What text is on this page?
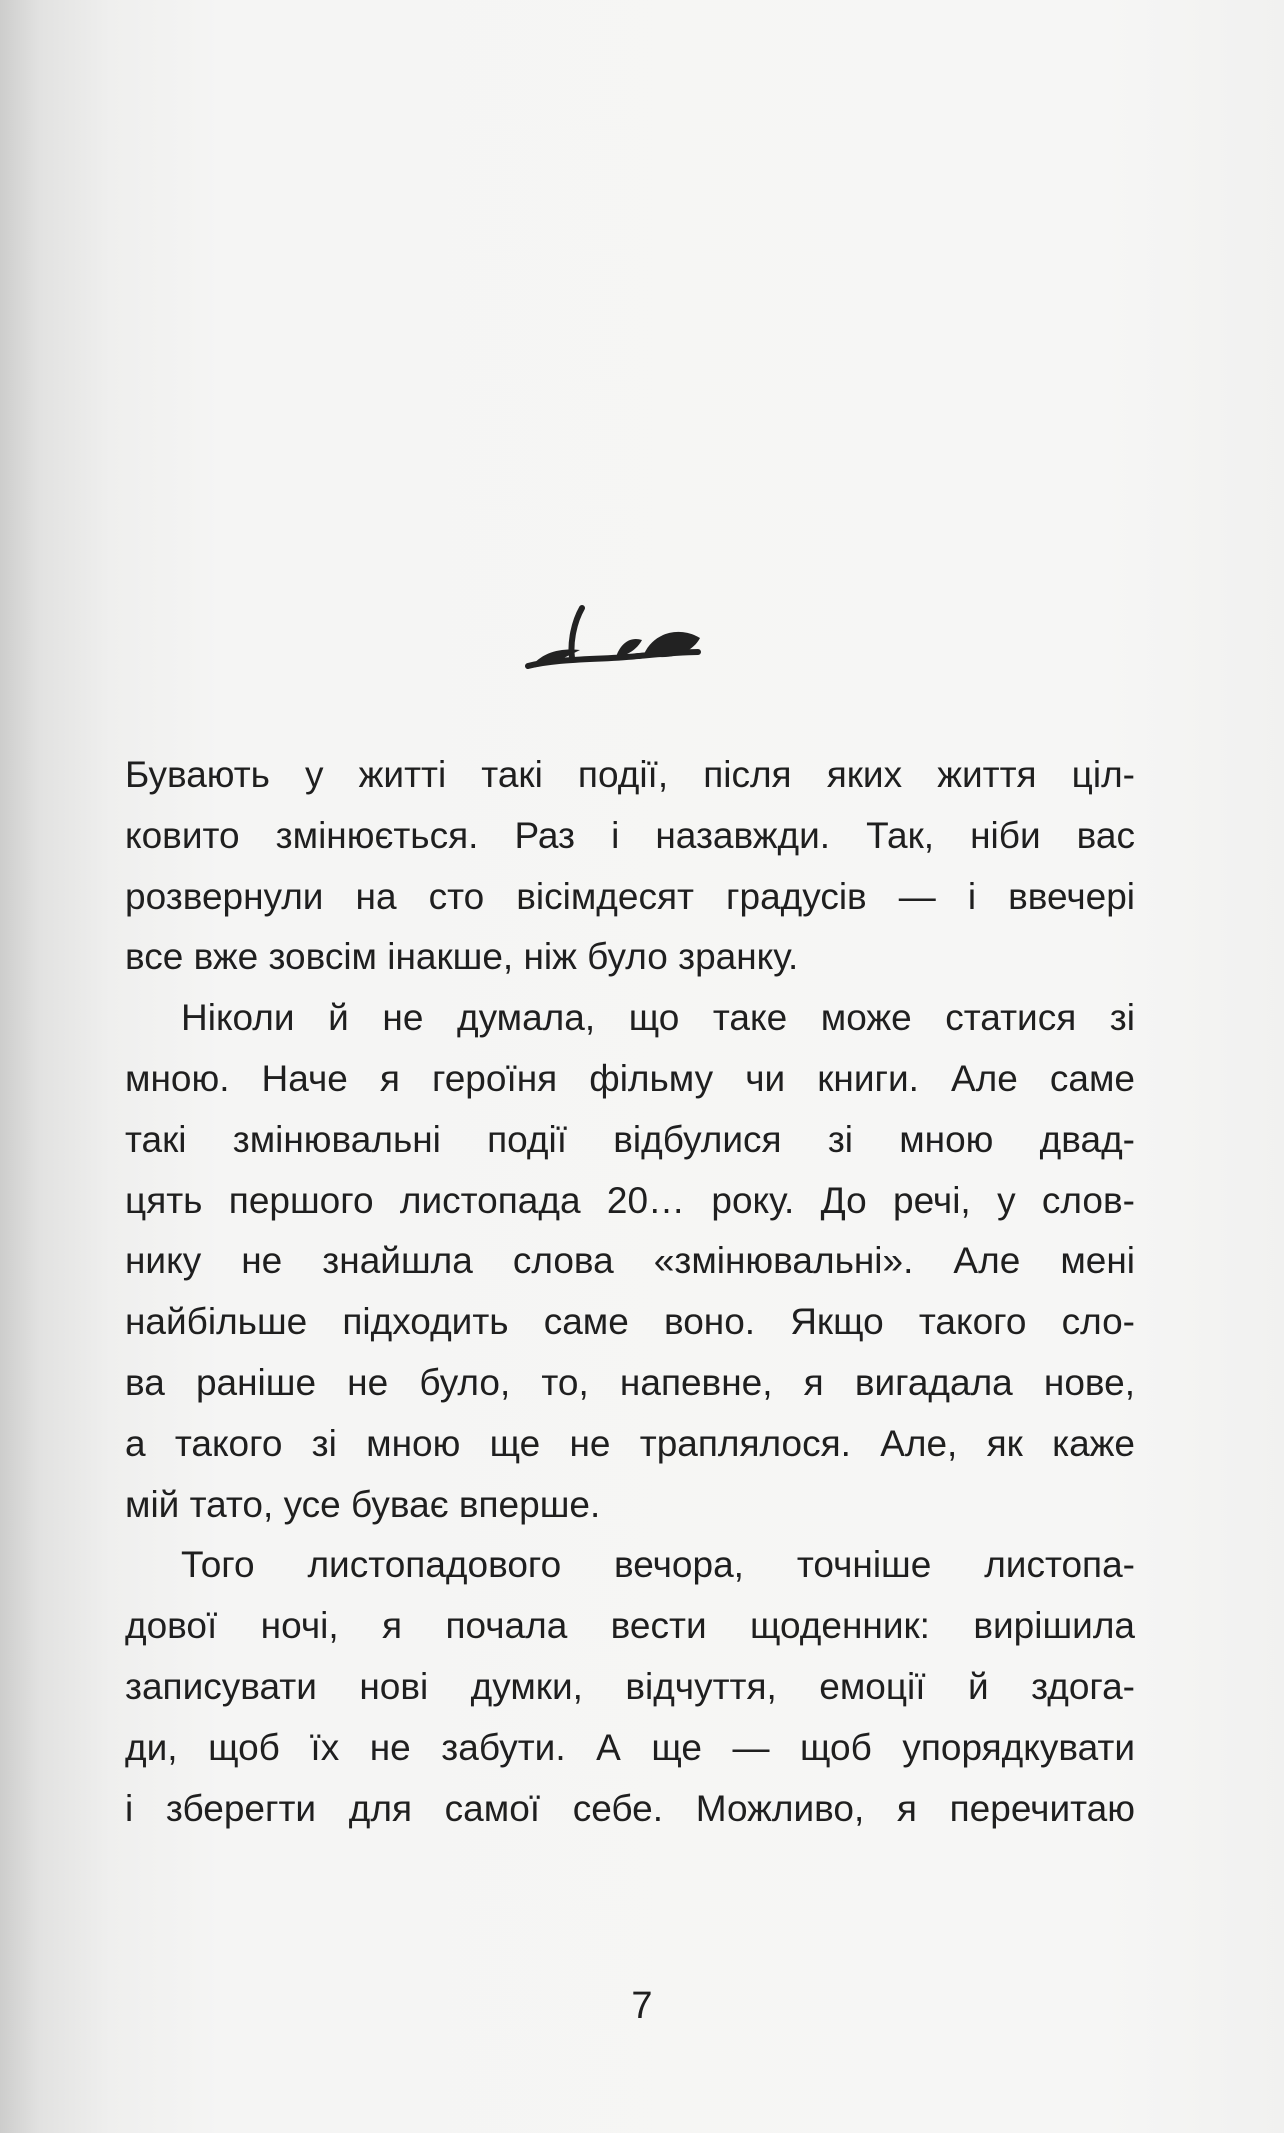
Бувають у житті такі події, після яких життя цiл-
ковито змінюється. Раз і назавжди. Так, ніби вас
розвернули на сто вісімдесят градусів — і ввечері
все вже зовсім інакше, ніж було зранку.
Ніколи й не думала, що таке може статися зі
мною. Наче я героїня фільму чи книги. Але саме
такі змінювальні події відбулися зі мною двад-
цять першого листопада 20… року. До речі, у слов-
нику не знайшла слова «змінювальні». Але мені
найбільше підходить саме воно. Якщо такого сло-
ва раніше не було, то, напевне, я вигадала нове,
а такого зі мною ще не траплялося. Але, як каже
мій тато, усе буває вперше.
Того листопадового вечора, точніше листопа-
дової ночі, я почала вести щоденник: вирішила
записувати нові думки, відчуття, емоції й здога-
ди, щоб їх не забути. А ще — щоб упорядкувати
і зберегти для самої себе. Можливо, я перечитаю
7
